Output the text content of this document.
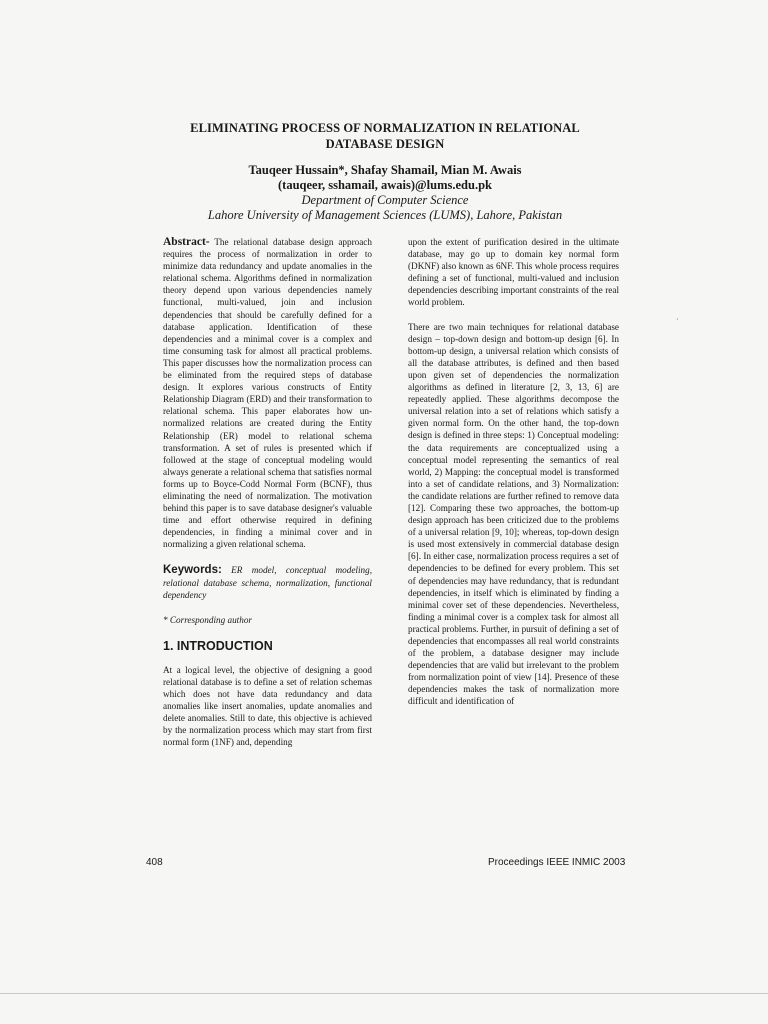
ELIMINATING PROCESS OF NORMALIZATION IN RELATIONAL
DATABASE DESIGN
Tauqeer Hussain*, Shafay Shamail, Mian M. Awais
(tauqeer, sshamail, awais)@lums.edu.pk
Department of Computer Science
Lahore University of Management Sciences (LUMS), Lahore, Pakistan

Abstract- The relational database design approach requires the process of normalization in order to minimize data redundancy and update anomalies in the relational schema. Algorithms defined in normalization theory depend upon various dependencies namely functional, multi-valued, join and inclusion dependencies that should be carefully defined for a database application. Identification of these dependencies and a minimal cover is a complex and time consuming task for almost all practical problems. This paper discusses how the normalization process can be eliminated from the required steps of database design. It explores various constructs of Entity Relationship Diagram (ERD) and their transformation to relational schema. This paper elaborates how un-normalized relations are created during the Entity Relationship (ER) model to relational schema transformation. A set of rules is presented which if followed at the stage of conceptual modeling would always generate a relational schema that satisfies normal forms up to Boyce-Codd Normal Form (BCNF), thus eliminating the need of normalization. The motivation behind this paper is to save database designer's valuable time and effort otherwise required in defining dependencies, in finding a minimal cover and in normalizing a given relational schema.

Keywords: ER model, conceptual modeling, relational database schema, normalization, functional dependency

* Corresponding author

1. INTRODUCTION

At a logical level, the objective of designing a good relational database is to define a set of relation schemas which does not have data redundancy and data anomalies like insert anomalies, update anomalies and delete anomalies. Still to date, this objective is achieved by the normalization process which may start from first normal form (1NF) and, depending

upon the extent of purification desired in the ultimate database, may go up to domain key normal form (DKNF) also known as 6NF. This whole process requires defining a set of functional, multi-valued and inclusion dependencies describing important constraints of the real world problem.

There are two main techniques for relational database design – top-down design and bottom-up design [6]. In bottom-up design, a universal relation which consists of all the database attributes, is defined and then based upon given set of dependencies the normalization algorithms as defined in literature [2, 3, 13, 6] are repeatedly applied. These algorithms decompose the universal relation into a set of relations which satisfy a given normal form. On the other hand, the top-down design is defined in three steps: 1) Conceptual modeling: the data requirements are conceptualized using a conceptual model representing the semantics of real world, 2) Mapping: the conceptual model is transformed into a set of candidate relations, and 3) Normalization: the candidate relations are further refined to remove data [12]. Comparing these two approaches, the bottom-up design approach has been criticized due to the problems of a universal relation [9, 10]; whereas, top-down design is used most extensively in commercial database design [6]. In either case, normalization process requires a set of dependencies to be defined for every problem. This set of dependencies may have redundancy, that is redundant dependencies, in itself which is eliminated by finding a minimal cover set of these dependencies. Nevertheless, finding a minimal cover is a complex task for almost all practical problems. Further, in pursuit of defining a set of dependencies that encompasses all real world constraints of the problem, a database designer may include dependencies that are valid but irrelevant to the problem from normalization point of view [14]. Presence of these dependencies makes the task of normalization more difficult and identification of

·
408	Proceedings IEEE INMIC 2003
